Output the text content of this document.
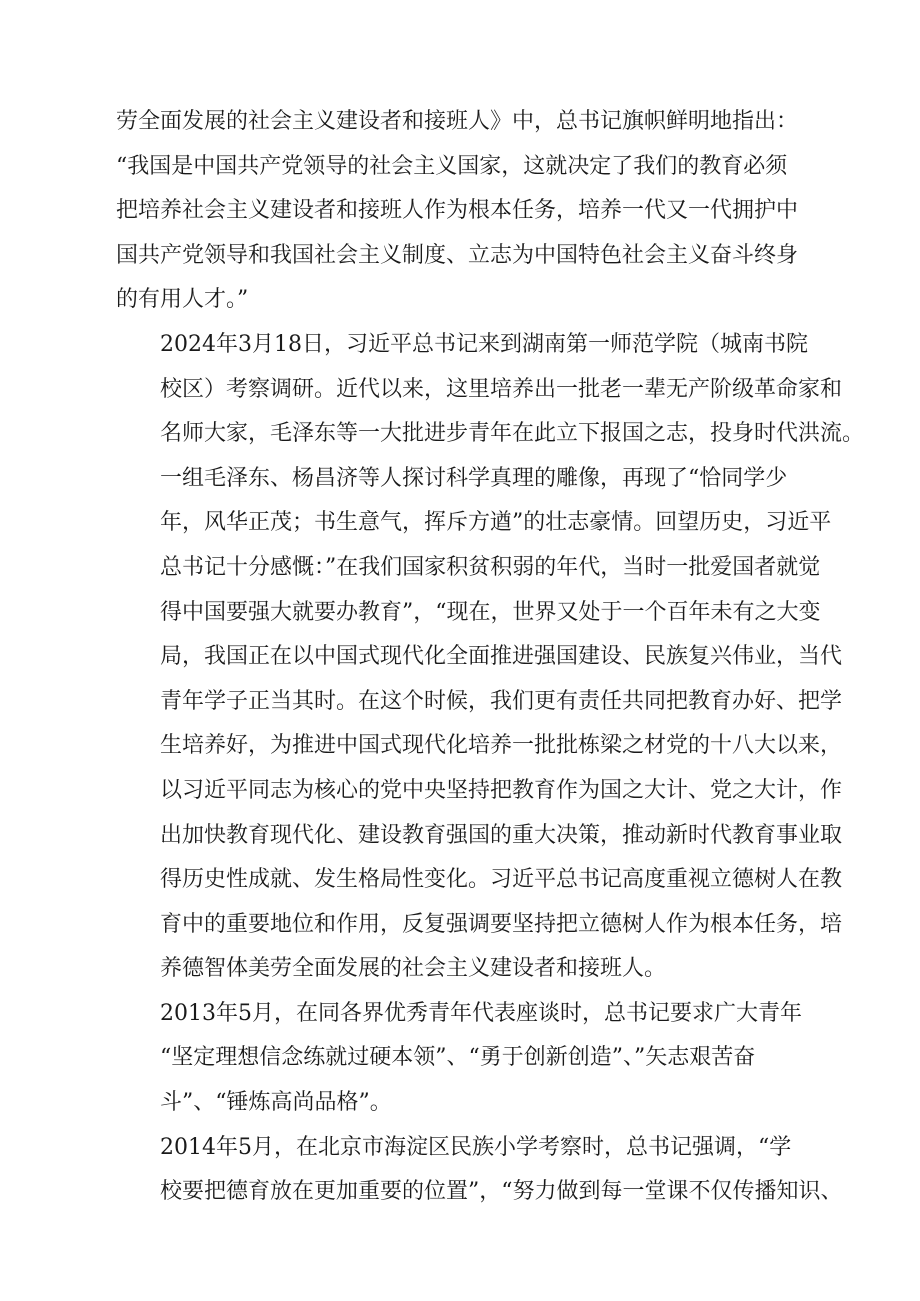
劳全面发展的社会主义建设者和接班人》中，总书记旗帜鲜明地指出：
“我国是中国共产党领导的社会主义国家，这就决定了我们的教育必须
把培养社会主义建设者和接班人作为根本任务，培养一代又一代拥护中
国共产党领导和我国社会主义制度、立志为中国特色社会主义奋斗终身
的有用人才。”

2024年3月18日，习近平总书记来到湖南第一师范学院（城南书院
校区）考察调研。近代以来，这里培养出一批老一辈无产阶级革命家和
名师大家，毛泽东等一大批进步青年在此立下报国之志，投身时代洪流。

一组毛泽东、杨昌济等人探讨科学真理的雕像，再现了“恰同学少
年，风华正茂；书生意气，挥斥方遒”的壮志豪情。回望历史，习近平
总书记十分感慨：”在我们国家积贫积弱的年代，当时一批爱国者就觉
得中国要强大就要办教育”，“现在，世界又处于一个百年未有之大变
局，我国正在以中国式现代化全面推进强国建设、民族复兴伟业，当代
青年学子正当其时。在这个时候，我们更有责任共同把教育办好、把学
生培养好，为推进中国式现代化培养一批批栋梁之材党的十八大以来，
以习近平同志为核心的党中央坚持把教育作为国之大计、党之大计，作
出加快教育现代化、建设教育强国的重大决策，推动新时代教育事业取
得历史性成就、发生格局性变化。习近平总书记高度重视立德树人在教
育中的重要地位和作用，反复强调要坚持把立德树人作为根本任务，培
养德智体美劳全面发展的社会主义建设者和接班人。

2013年5月，在同各界优秀青年代表座谈时，总书记要求广大青年
“坚定理想信念练就过硬本领”、“勇于创新创造”、”矢志艰苦奋
斗”、“锤炼高尚品格”。

2014年5月，在北京市海淀区民族小学考察时，总书记强调，“学
校要把德育放在更加重要的位置”，“努力做到每一堂课不仅传播知识、
